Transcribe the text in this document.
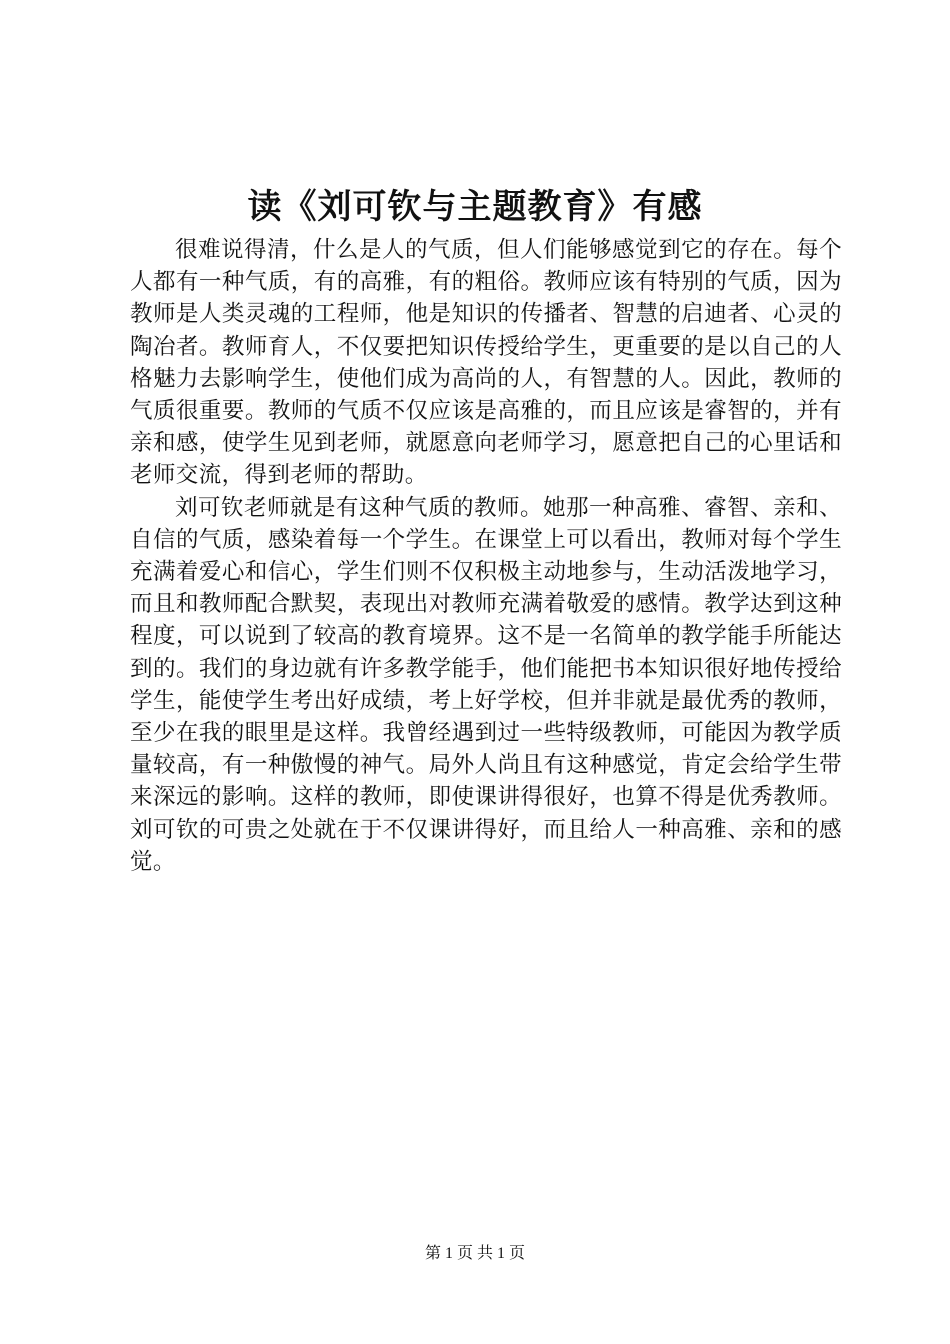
读《刘可钦与主题教育》有感

很难说得清，什么是人的气质，但人们能够感觉到它的存在。每个人都有一种气质，有的高雅，有的粗俗。教师应该有特别的气质，因为教师是人类灵魂的工程师，他是知识的传播者、智慧的启迪者、心灵的陶冶者。教师育人，不仅要把知识传授给学生，更重要的是以自己的人格魅力去影响学生，使他们成为高尚的人，有智慧的人。因此，教师的气质很重要。教师的气质不仅应该是高雅的，而且应该是睿智的，并有亲和感，使学生见到老师，就愿意向老师学习，愿意把自己的心里话和老师交流，得到老师的帮助。

刘可钦老师就是有这种气质的教师。她那一种高雅、睿智、亲和、自信的气质，感染着每一个学生。在课堂上可以看出，教师对每个学生充满着爱心和信心，学生们则不仅积极主动地参与，生动活泼地学习，而且和教师配合默契，表现出对教师充满着敬爱的感情。教学达到这种程度，可以说到了较高的教育境界。这不是一名简单的教学能手所能达到的。我们的身边就有许多教学能手，他们能把书本知识很好地传授给学生，能使学生考出好成绩，考上好学校，但并非就是最优秀的教师，至少在我的眼里是这样。我曾经遇到过一些特级教师，可能因为教学质量较高，有一种傲慢的神气。局外人尚且有这种感觉，肯定会给学生带来深远的影响。这样的教师，即使课讲得很好，也算不得是优秀教师。刘可钦的可贵之处就在于不仅课讲得好，而且给人一种高雅、亲和的感觉。

第 1 页 共 1 页
